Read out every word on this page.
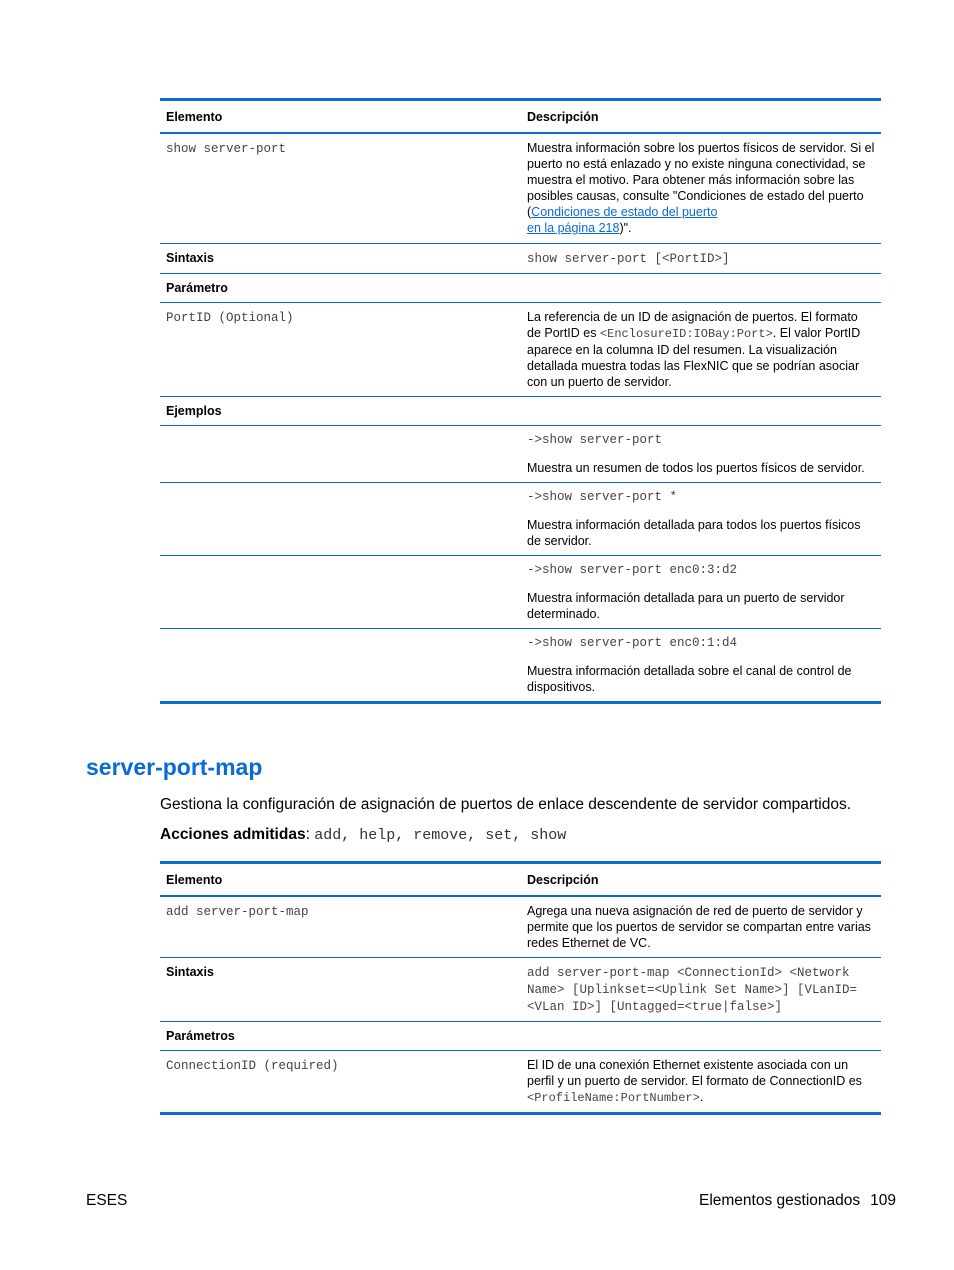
Elemento	Descripción
show server-port	Muestra información sobre los puertos físicos de servidor. Si el puerto no está enlazado y no existe ninguna conectividad, se muestra el motivo. Para obtener más información sobre las posibles causas, consulte "Condiciones de estado del puerto (Condiciones de estado del puerto
en la página 218)".
Sintaxis	show server-port [<PortID>]
Parámetro	
PortID (Optional)	La referencia de un ID de asignación de puertos. El formato de PortID es <EnclosureID:IOBay:Port>. El valor PortID aparece en la columna ID del resumen. La visualización detallada muestra todas las FlexNIC que se podrían asociar con un puerto de servidor.
Ejemplos	

	->show server-port
Muestra un resumen de todos los puertos físicos de servidor.

	->show server-port *
Muestra información detallada para todos los puertos físicos de servidor.

	->show server-port enc0:3:d2
Muestra información detallada para un puerto de servidor determinado.

	->show server-port enc0:1:d4
Muestra información detallada sobre el canal de control de dispositivos.
server-port-map

Gestiona la configuración de asignación de puertos de enlace descendente de servidor compartidos.

Acciones admitidas: add, help, remove, set, show

Elemento	Descripción
add server-port-map	Agrega una nueva asignación de red de puerto de servidor y permite que los puertos de servidor se compartan entre varias redes Ethernet de VC.
Sintaxis	add server-port-map <ConnectionId> <Network Name> [Uplinkset=<Uplink Set Name>] [VLanID=<VLan ID>] [Untagged=<true|false>]
Parámetros	
ConnectionID (required)	El ID de una conexión Ethernet existente asociada con un perfil y un puerto de servidor. El formato de ConnectionID es <ProfileName:PortNumber>.
ESES	Elementos gestionados 109
